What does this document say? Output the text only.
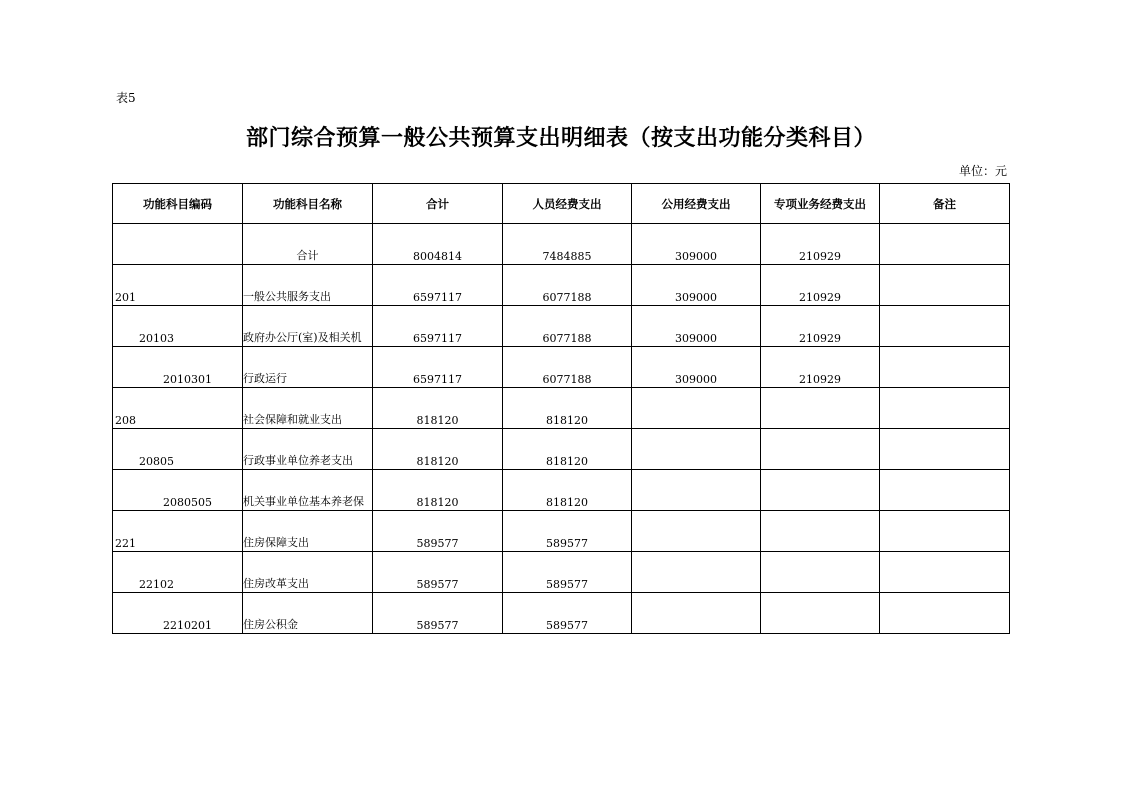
表5
部门综合预算一般公共预算支出明细表（按支出功能分类科目）
单位：元
功能科目编码	功能科目名称	合计	人员经费支出	公用经费支出	专项业务经费支出	备注
	合计	8004814	7484885	309000	210929	
201	一般公共服务支出	6597117	6077188	309000	210929	
20103	政府办公厅(室)及相关机	6597117	6077188	309000	210929	
2010301	行政运行	6597117	6077188	309000	210929	
208	社会保障和就业支出	818120	818120			
20805	行政事业单位养老支出	818120	818120			
2080505	机关事业单位基本养老保	818120	818120			
221	住房保障支出	589577	589577			
22102	住房改革支出	589577	589577			
2210201	住房公积金	589577	589577			
